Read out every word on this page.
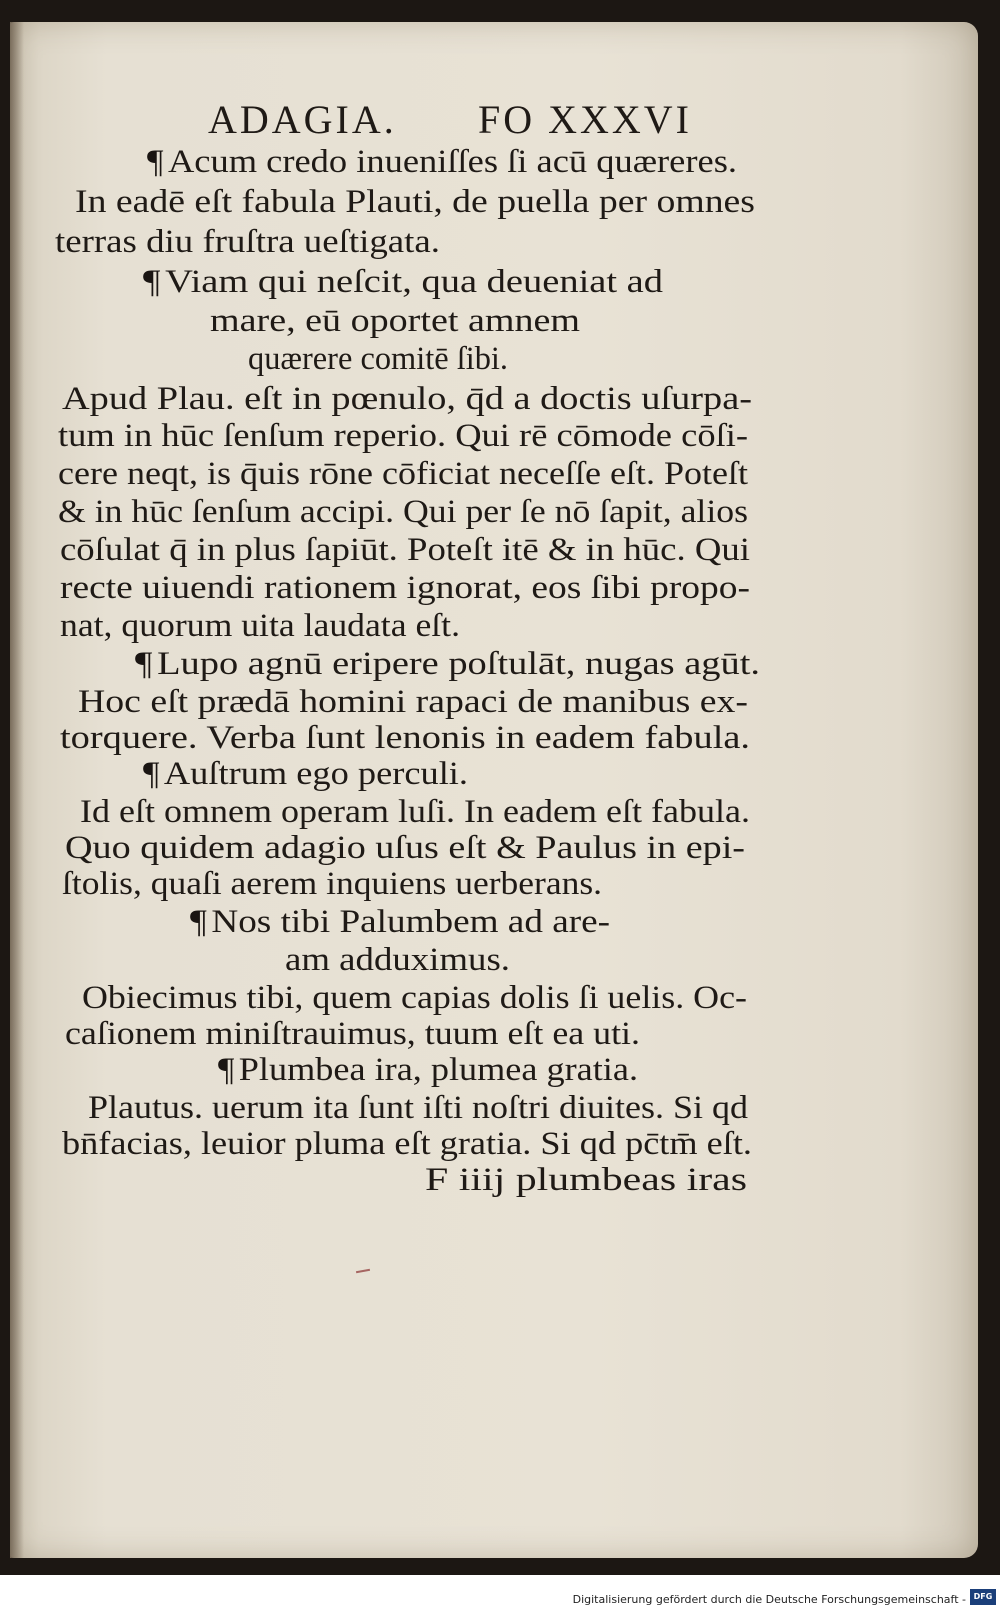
ADAGIA. FO XXXVI
¶ Acum credo inueniſſes ſi acū quæreres.
In eadē eſt fabula Plauti, de puella per omnes
terras diu fruſtra ueſtigata.
¶ Viam qui neſcit, qua deueniat ad
mare, eū oportet amnem
quærere comitē ſibi.
Apud Plau. eſt in pœnulo, q̄d a doctis uſurpa-
tum in hūc ſenſum reperio. Qui rē cōmode cōſi-
cere neqt, is q̄uis rōne cōficiat neceſſe eſt. Poteſt
& in hūc ſenſum accipi. Qui per ſe nō ſapit, alios
cōſulat q̄ in plus ſapiūt. Poteſt itē & in hūc. Qui
recte uiuendi rationem ignorat, eos ſibi propo-
nat, quorum uita laudata eſt.
¶ Lupo agnū eripere poſtulāt, nugas agūt.
Hoc eſt prædā homini rapaci de manibus ex-
torquere. Verba ſunt lenonis in eadem fabula.
¶ Auſtrum ego perculi.
Id eſt omnem operam luſi. In eadem eſt fabula.
Quo quidem adagio uſus eſt & Paulus in epi-
ſtolis, quaſi aerem inquiens uerberans.
¶ Nos tibi Palumbem ad are-
am adduximus.
Obiecimus tibi, quem capias dolis ſi uelis. Oc-
caſionem miniſtrauimus, tuum eſt ea uti.
¶ Plumbea ira, plumea gratia.
Plautus. uerum ita ſunt iſti noſtri diuites. Si qd
bn̄facias, leuior pluma eſt gratia. Si qd pc̄tm̄ eſt.
F iiij plumbeas iras
Digitalisierung gefördert durch die Deutsche Forschungsgemeinschaft - DFG
